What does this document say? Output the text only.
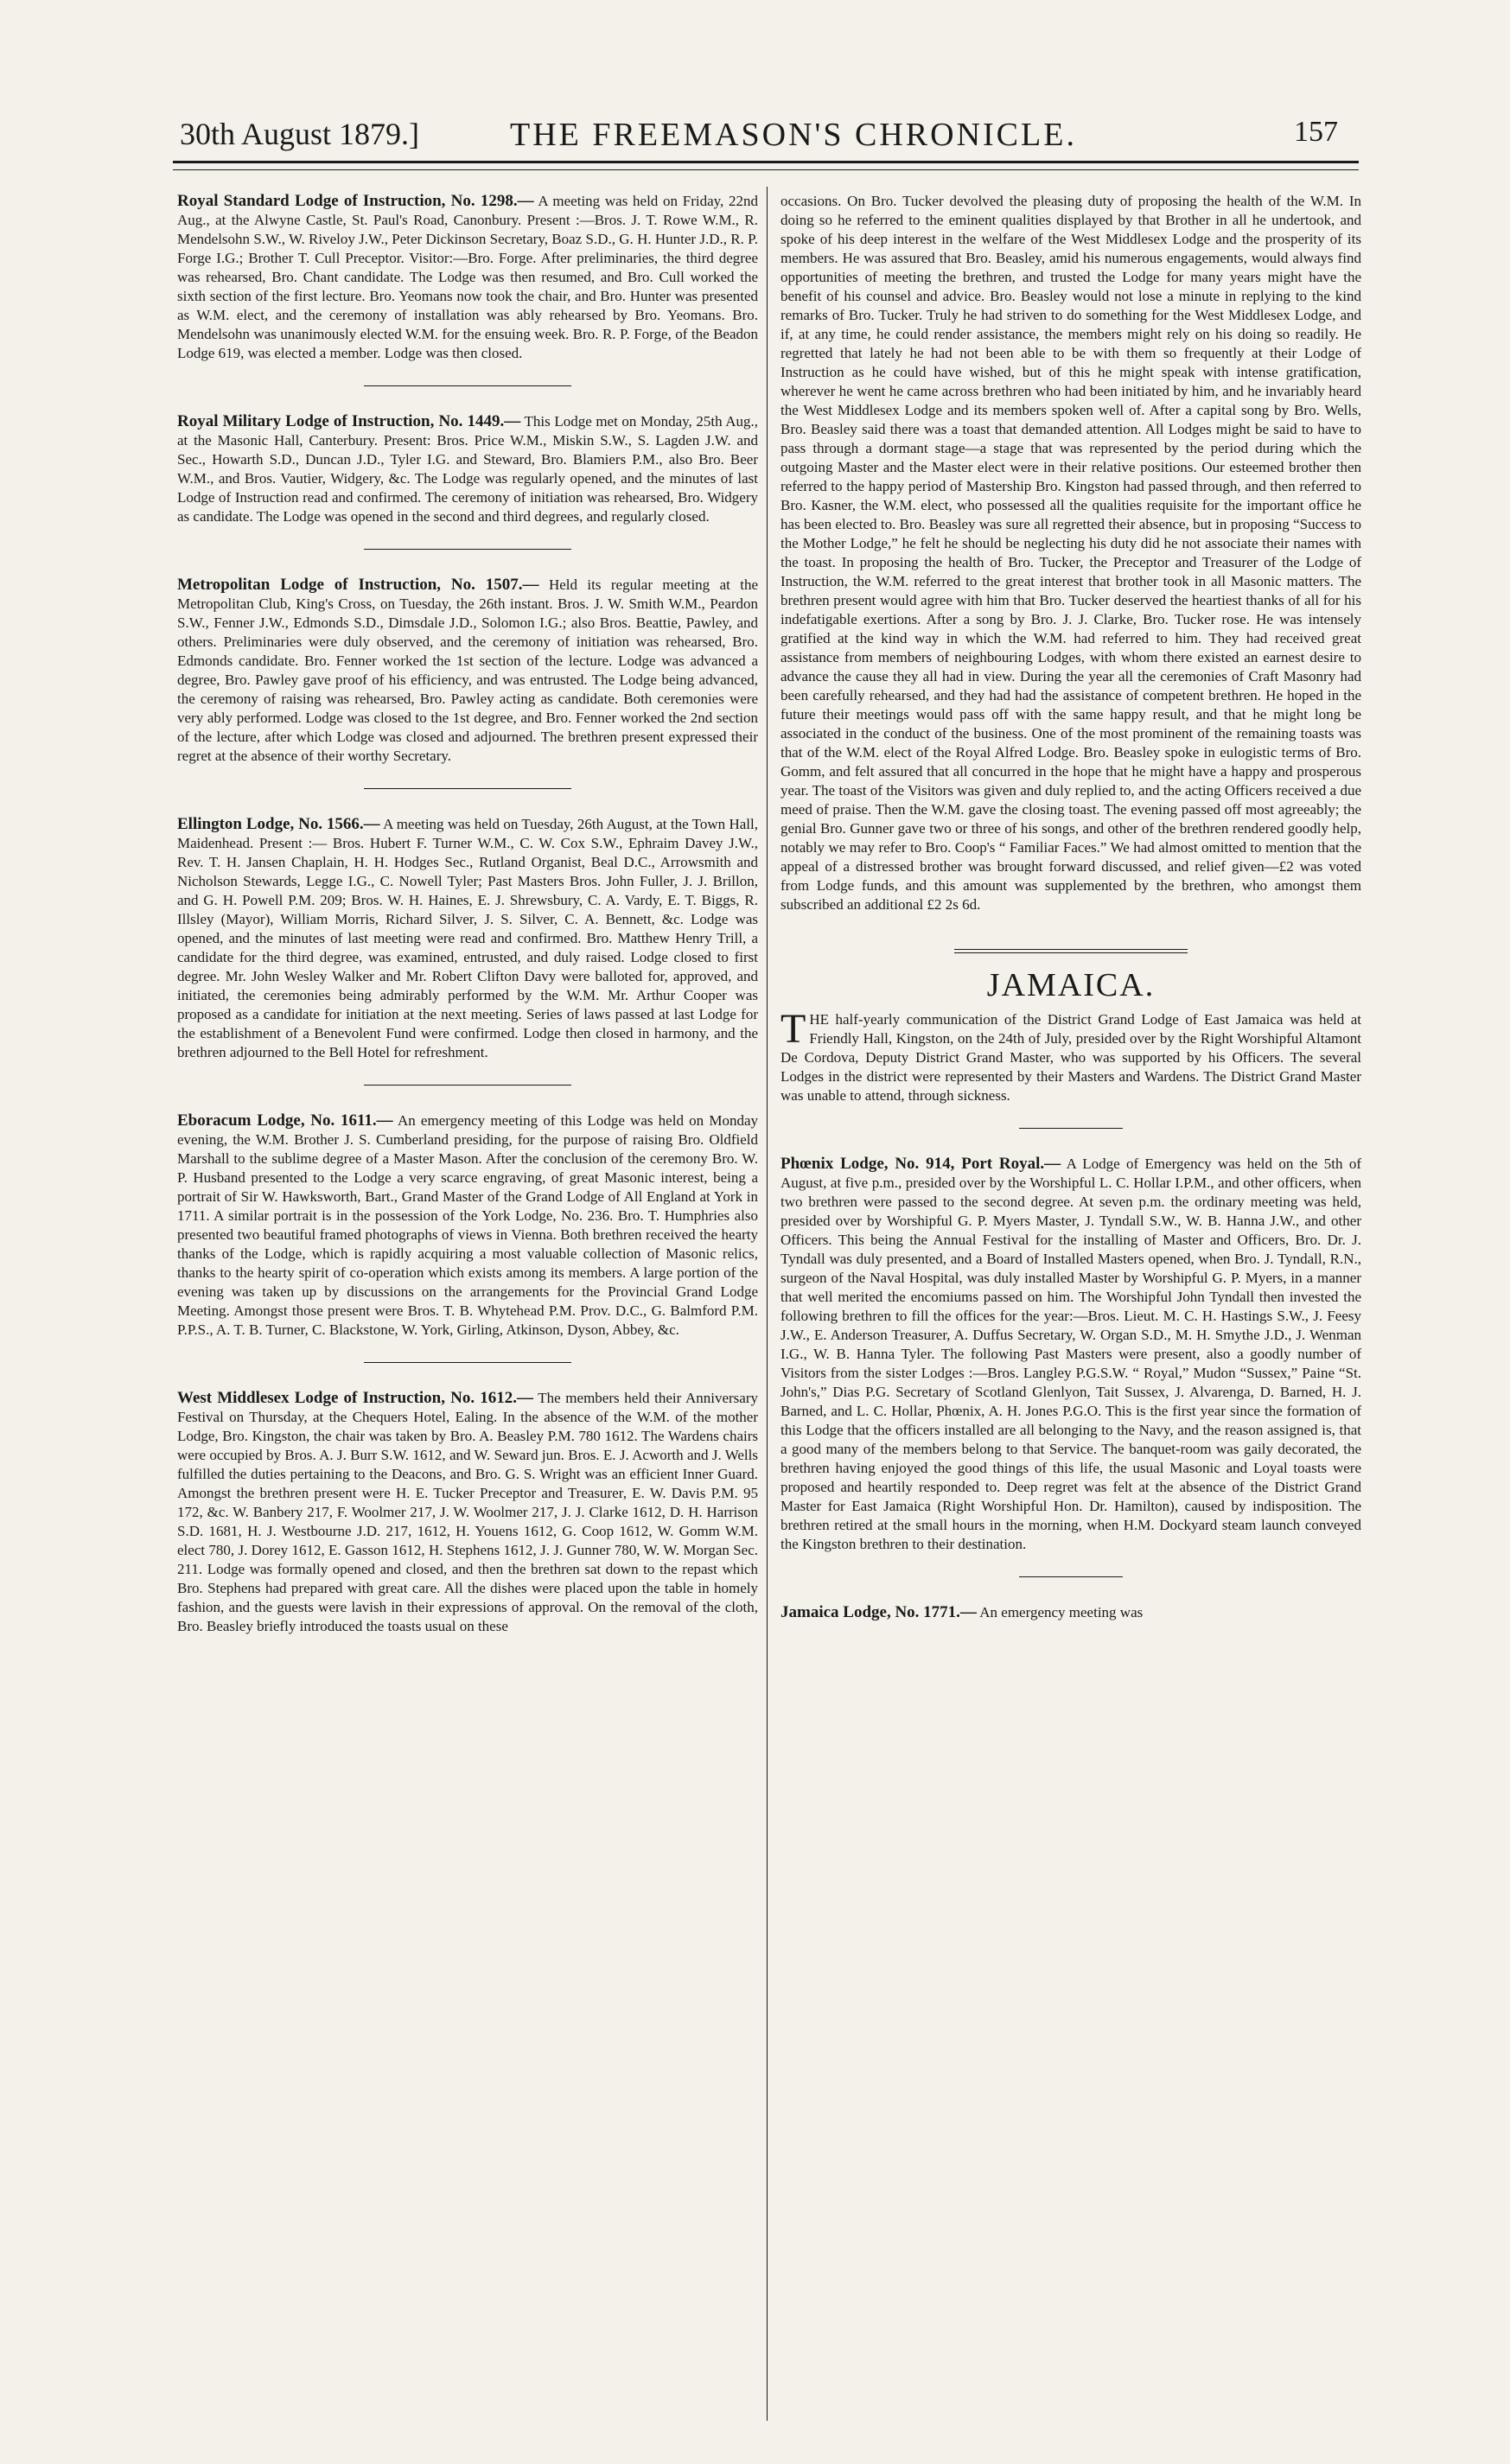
30th August 1879.]	THE FREEMASON'S CHRONICLE.	157

Royal Standard Lodge of Instruction, No. 1298.— A meeting was held on Friday, 22nd Aug., at the Alwyne Castle, St. Paul's Road, Canonbury. Present :—Bros. J. T. Rowe W.M., R. Mendelsohn S.W., W. Riveloy J.W., Peter Dickinson Secretary, Boaz S.D., G. H. Hunter J.D., R. P. Forge I.G.; Brother T. Cull Preceptor. Visitor:—Bro. Forge. After preliminaries, the third degree was rehearsed, Bro. Chant candidate. The Lodge was then resumed, and Bro. Cull worked the sixth section of the first lecture. Bro. Yeomans now took the chair, and Bro. Hunter was presented as W.M. elect, and the ceremony of installation was ably rehearsed by Bro. Yeomans. Bro. Mendelsohn was unanimously elected W.M. for the ensuing week. Bro. R. P. Forge, of the Beadon Lodge 619, was elected a member. Lodge was then closed.

Royal Military Lodge of Instruction, No. 1449.— This Lodge met on Monday, 25th Aug., at the Masonic Hall, Canterbury. Present: Bros. Price W.M., Miskin S.W., S. Lagden J.W. and Sec., Howarth S.D., Duncan J.D., Tyler I.G. and Steward, Bro. Blamiers P.M., also Bro. Beer W.M., and Bros. Vautier, Widgery, &c. The Lodge was regularly opened, and the minutes of last Lodge of Instruction read and confirmed. The ceremony of initiation was rehearsed, Bro. Widgery as candidate. The Lodge was opened in the second and third degrees, and regularly closed.

Metropolitan Lodge of Instruction, No. 1507.— Held its regular meeting at the Metropolitan Club, King's Cross, on Tuesday, the 26th instant. Bros. J. W. Smith W.M., Peardon S.W., Fenner J.W., Edmonds S.D., Dimsdale J.D., Solomon I.G.; also Bros. Beattie, Pawley, and others. Preliminaries were duly observed, and the ceremony of initiation was rehearsed, Bro. Edmonds candidate. Bro. Fenner worked the 1st section of the lecture. Lodge was advanced a degree, Bro. Pawley gave proof of his efficiency, and was entrusted. The Lodge being advanced, the ceremony of raising was rehearsed, Bro. Pawley acting as candidate. Both ceremonies were very ably performed. Lodge was closed to the 1st degree, and Bro. Fenner worked the 2nd section of the lecture, after which Lodge was closed and adjourned. The brethren present expressed their regret at the absence of their worthy Secretary.

Ellington Lodge, No. 1566.— A meeting was held on Tuesday, 26th August, at the Town Hall, Maidenhead. Present :— Bros. Hubert F. Turner W.M., C. W. Cox S.W., Ephraim Davey J.W., Rev. T. H. Jansen Chaplain, H. H. Hodges Sec., Rutland Organist, Beal D.C., Arrowsmith and Nicholson Stewards, Legge I.G., C. Nowell Tyler; Past Masters Bros. John Fuller, J. J. Brillon, and G. H. Powell P.M. 209; Bros. W. H. Haines, E. J. Shrewsbury, C. A. Vardy, E. T. Biggs, R. Illsley (Mayor), William Morris, Richard Silver, J. S. Silver, C. A. Bennett, &c. Lodge was opened, and the minutes of last meeting were read and confirmed. Bro. Matthew Henry Trill, a candidate for the third degree, was examined, entrusted, and duly raised. Lodge closed to first degree. Mr. John Wesley Walker and Mr. Robert Clifton Davy were balloted for, approved, and initiated, the ceremonies being admirably performed by the W.M. Mr. Arthur Cooper was proposed as a candidate for initiation at the next meeting. Series of laws passed at last Lodge for the establishment of a Benevolent Fund were confirmed. Lodge then closed in harmony, and the brethren adjourned to the Bell Hotel for refreshment.

Eboracum Lodge, No. 1611.— An emergency meeting of this Lodge was held on Monday evening, the W.M. Brother J. S. Cumberland presiding, for the purpose of raising Bro. Oldfield Marshall to the sublime degree of a Master Mason. After the conclusion of the ceremony Bro. W. P. Husband presented to the Lodge a very scarce engraving, of great Masonic interest, being a portrait of Sir W. Hawksworth, Bart., Grand Master of the Grand Lodge of All England at York in 1711. A similar portrait is in the possession of the York Lodge, No. 236. Bro. T. Humphries also presented two beautiful framed photographs of views in Vienna. Both brethren received the hearty thanks of the Lodge, which is rapidly acquiring a most valuable collection of Masonic relics, thanks to the hearty spirit of co-operation which exists among its members. A large portion of the evening was taken up by discussions on the arrangements for the Provincial Grand Lodge Meeting. Amongst those present were Bros. T. B. Whytehead P.M. Prov. D.C., G. Balmford P.M. P.P.S., A. T. B. Turner, C. Blackstone, W. York, Girling, Atkinson, Dyson, Abbey, &c.

West Middlesex Lodge of Instruction, No. 1612.— The members held their Anniversary Festival on Thursday, at the Chequers Hotel, Ealing. In the absence of the W.M. of the mother Lodge, Bro. Kingston, the chair was taken by Bro. A. Beasley P.M. 780 1612. The Wardens chairs were occupied by Bros. A. J. Burr S.W. 1612, and W. Seward jun. Bros. E. J. Acworth and J. Wells fulfilled the duties pertaining to the Deacons, and Bro. G. S. Wright was an efficient Inner Guard. Amongst the brethren present were H. E. Tucker Preceptor and Treasurer, E. W. Davis P.M. 95 172, &c. W. Banbery 217, F. Woolmer 217, J. W. Woolmer 217, J. J. Clarke 1612, D. H. Harrison S.D. 1681, H. J. Westbourne J.D. 217, 1612, H. Youens 1612, G. Coop 1612, W. Gomm W.M. elect 780, J. Dorey 1612, E. Gasson 1612, H. Stephens 1612, J. J. Gunner 780, W. W. Morgan Sec. 211. Lodge was formally opened and closed, and then the brethren sat down to the repast which Bro. Stephens had prepared with great care. All the dishes were placed upon the table in homely fashion, and the guests were lavish in their expressions of approval. On the removal of the cloth, Bro. Beasley briefly introduced the toasts usual on these

occasions. On Bro. Tucker devolved the pleasing duty of proposing the health of the W.M. In doing so he referred to the eminent qualities displayed by that Brother in all he undertook, and spoke of his deep interest in the welfare of the West Middlesex Lodge and the prosperity of its members. He was assured that Bro. Beasley, amid his numerous engagements, would always find opportunities of meeting the brethren, and trusted the Lodge for many years might have the benefit of his counsel and advice. Bro. Beasley would not lose a minute in replying to the kind remarks of Bro. Tucker. Truly he had striven to do something for the West Middlesex Lodge, and if, at any time, he could render assistance, the members might rely on his doing so readily. He regretted that lately he had not been able to be with them so frequently at their Lodge of Instruction as he could have wished, but of this he might speak with intense gratification, wherever he went he came across brethren who had been initiated by him, and he invariably heard the West Middlesex Lodge and its members spoken well of. After a capital song by Bro. Wells, Bro. Beasley said there was a toast that demanded attention. All Lodges might be said to have to pass through a dormant stage—a stage that was represented by the period during which the outgoing Master and the Master elect were in their relative positions. Our esteemed brother then referred to the happy period of Mastership Bro. Kingston had passed through, and then referred to Bro. Kasner, the W.M. elect, who possessed all the qualities requisite for the important office he has been elected to. Bro. Beasley was sure all regretted their absence, but in proposing “Success to the Mother Lodge,” he felt he should be neglecting his duty did he not associate their names with the toast. In proposing the health of Bro. Tucker, the Preceptor and Treasurer of the Lodge of Instruction, the W.M. referred to the great interest that brother took in all Masonic matters. The brethren present would agree with him that Bro. Tucker deserved the heartiest thanks of all for his indefatigable exertions. After a song by Bro. J. J. Clarke, Bro. Tucker rose. He was intensely gratified at the kind way in which the W.M. had referred to him. They had received great assistance from members of neighbouring Lodges, with whom there existed an earnest desire to advance the cause they all had in view. During the year all the ceremonies of Craft Masonry had been carefully rehearsed, and they had had the assistance of competent brethren. He hoped in the future their meetings would pass off with the same happy result, and that he might long be associated in the conduct of the business. One of the most prominent of the remaining toasts was that of the W.M. elect of the Royal Alfred Lodge. Bro. Beasley spoke in eulogistic terms of Bro. Gomm, and felt assured that all concurred in the hope that he might have a happy and prosperous year. The toast of the Visitors was given and duly replied to, and the acting Officers received a due meed of praise. Then the W.M. gave the closing toast. The evening passed off most agreeably; the genial Bro. Gunner gave two or three of his songs, and other of the brethren rendered goodly help, notably we may refer to Bro. Coop's “ Familiar Faces.” We had almost omitted to mention that the appeal of a distressed brother was brought forward discussed, and relief given—£2 was voted from Lodge funds, and this amount was supplemented by the brethren, who amongst them subscribed an additional £2 2s 6d.

JAMAICA.

THE half-yearly communication of the District Grand Lodge of East Jamaica was held at Friendly Hall, Kingston, on the 24th of July, presided over by the Right Worshipful Altamont De Cordova, Deputy District Grand Master, who was supported by his Officers. The several Lodges in the district were represented by their Masters and Wardens. The District Grand Master was unable to attend, through sickness.

Phœnix Lodge, No. 914, Port Royal.— A Lodge of Emergency was held on the 5th of August, at five p.m., presided over by the Worshipful L. C. Hollar I.P.M., and other officers, when two brethren were passed to the second degree. At seven p.m. the ordinary meeting was held, presided over by Worshipful G. P. Myers Master, J. Tyndall S.W., W. B. Hanna J.W., and other Officers. This being the Annual Festival for the installing of Master and Officers, Bro. Dr. J. Tyndall was duly presented, and a Board of Installed Masters opened, when Bro. J. Tyndall, R.N., surgeon of the Naval Hospital, was duly installed Master by Worshipful G. P. Myers, in a manner that well merited the encomiums passed on him. The Worshipful John Tyndall then invested the following brethren to fill the offices for the year:—Bros. Lieut. M. C. H. Hastings S.W., J. Feesy J.W., E. Anderson Treasurer, A. Duffus Secretary, W. Organ S.D., M. H. Smythe J.D., J. Wenman I.G., W. B. Hanna Tyler. The following Past Masters were present, also a goodly number of Visitors from the sister Lodges :—Bros. Langley P.G.S.W. “ Royal,” Mudon “Sussex,” Paine “St. John's,” Dias P.G. Secretary of Scotland Glenlyon, Tait Sussex, J. Alvarenga, D. Barned, H. J. Barned, and L. C. Hollar, Phœnix, A. H. Jones P.G.O. This is the first year since the formation of this Lodge that the officers installed are all belonging to the Navy, and the reason assigned is, that a good many of the members belong to that Service. The banquet-room was gaily decorated, the brethren having enjoyed the good things of this life, the usual Masonic and Loyal toasts were proposed and heartily responded to. Deep regret was felt at the absence of the District Grand Master for East Jamaica (Right Worshipful Hon. Dr. Hamilton), caused by indisposition. The brethren retired at the small hours in the morning, when H.M. Dockyard steam launch conveyed the Kingston brethren to their destination.

Jamaica Lodge, No. 1771.— An emergency meeting was
